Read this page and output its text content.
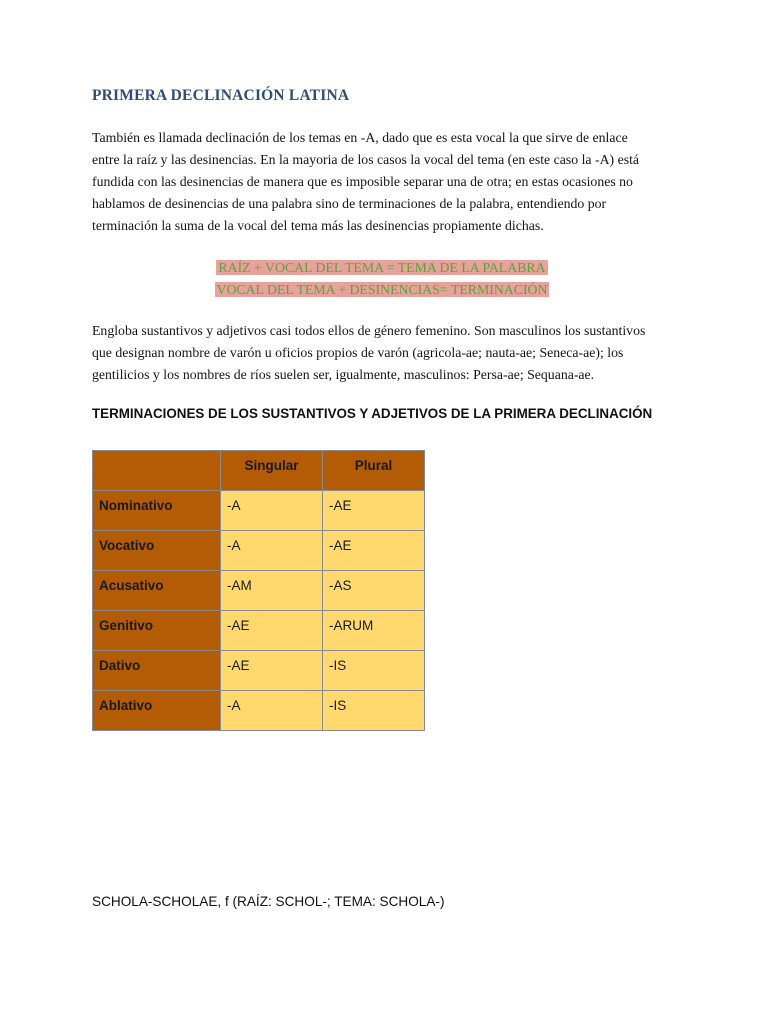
PRIMERA DECLINACIÓN LATINA
También es llamada declinación de los temas en -A, dado que es esta vocal la que sirve de enlace
entre la raíz y las desinencias. En la mayoria de los casos la vocal del tema (en este caso la -A) está
fundida con las desinencias de manera que es imposible separar una de otra; en estas ocasiones no
hablamos de desinencias de una palabra sino de terminaciones de la palabra, entendiendo por
terminación la suma de la vocal del tema más las desinencias propiamente dichas.
RAÍZ + VOCAL DEL TEMA = TEMA DE LA PALABRA
VOCAL DEL TEMA + DESINENCIAS= TERMINACIÓN
Engloba sustantivos y adjetivos casi todos ellos de género femenino. Son masculinos los sustantivos
que designan nombre de varón u oficios propios de varón (agricola-ae; nauta-ae; Seneca-ae); los
gentilicios y los nombres de ríos suelen ser, igualmente, masculinos: Persa-ae; Sequana-ae.
TERMINACIONES DE LOS SUSTANTIVOS Y ADJETIVOS DE LA PRIMERA DECLINACIÓN
	Singular	Plural
Nominativo	-A	-AE
Vocativo	-A	-AE
Acusativo	-AM	-AS
Genitivo	-AE	-ARUM
Dativo	-AE	-IS
Ablativo	-A	-IS

SCHOLA-SCHOLAE, f (RAÍZ: SCHOL-; TEMA: SCHOLA-)
